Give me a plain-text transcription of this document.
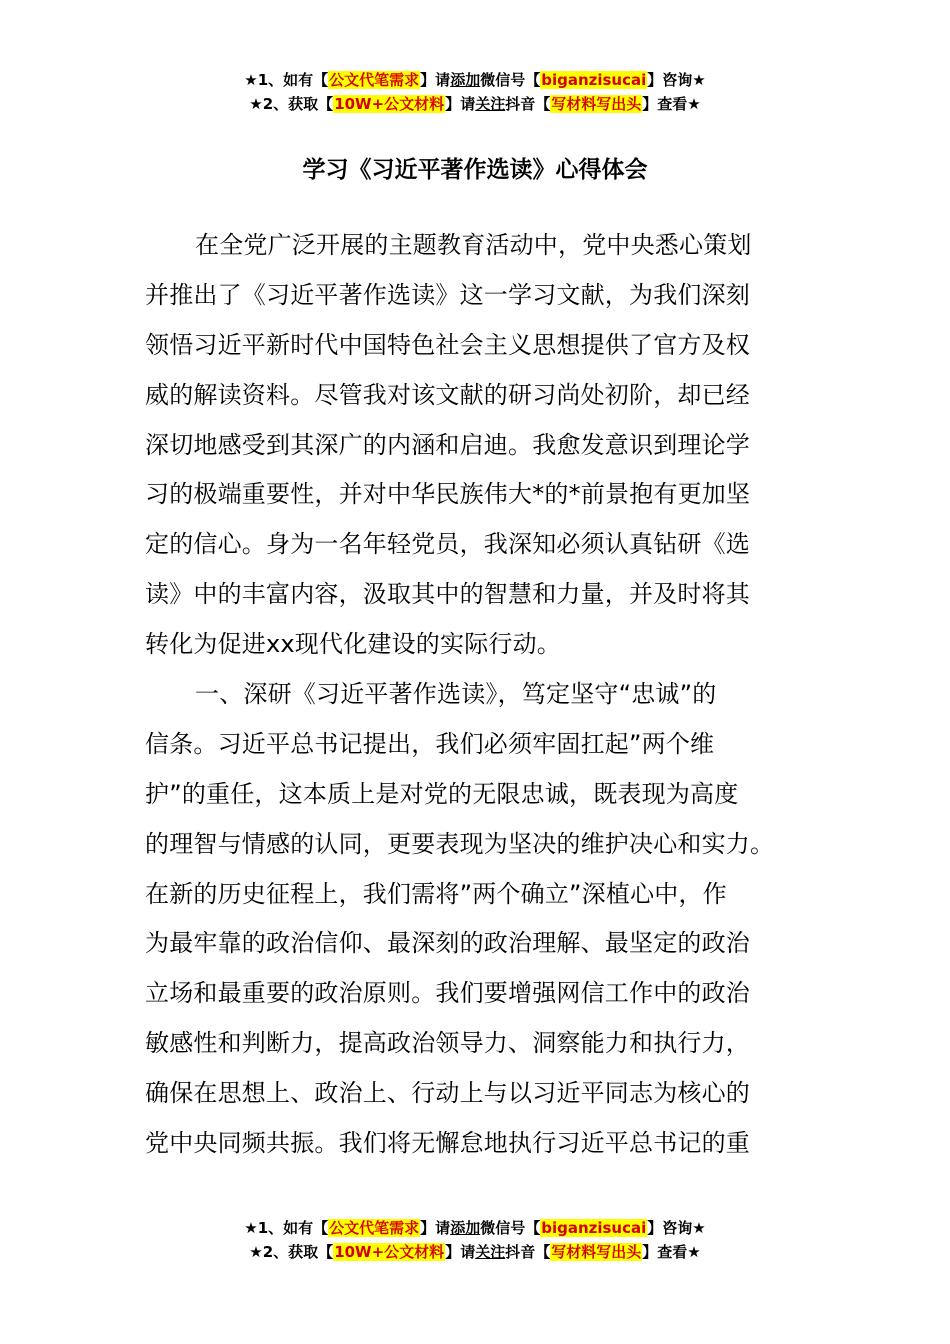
★1、如有【公文代笔需求】请添加微信号【biganzisucai】咨询★
★2、获取【10W+公文材料】请关注抖音【写材料写出头】查看★
学习《习近平著作选读》心得体会
在全党广泛开展的主题教育活动中，党中央悉心策划
并推出了《习近平著作选读》这一学习文献，为我们深刻
领悟习近平新时代中国特色社会主义思想提供了官方及权
威的解读资料。尽管我对该文献的研习尚处初阶，却已经
深切地感受到其深广的内涵和启迪。我愈发意识到理论学
习的极端重要性，并对中华民族伟大*的*前景抱有更加坚
定的信心。身为一名年轻党员，我深知必须认真钻研《选
读》中的丰富内容，汲取其中的智慧和力量，并及时将其
转化为促进xx现代化建设的实际行动。
一、深研《习近平著作选读》，笃定坚守“忠诚”的
信条。习近平总书记提出，我们必须牢固扛起”两个维
护”的重任，这本质上是对党的无限忠诚，既表现为高度
的理智与情感的认同，更要表现为坚决的维护决心和实力。
在新的历史征程上，我们需将”两个确立”深植心中，作
为最牢靠的政治信仰、最深刻的政治理解、最坚定的政治
立场和最重要的政治原则。我们要增强网信工作中的政治
敏感性和判断力，提高政治领导力、洞察能力和执行力，
确保在思想上、政治上、行动上与以习近平同志为核心的
党中央同频共振。我们将无懈怠地执行习近平总书记的重
★1、如有【公文代笔需求】请添加微信号【biganzisucai】咨询★
★2、获取【10W+公文材料】请关注抖音【写材料写出头】查看★
